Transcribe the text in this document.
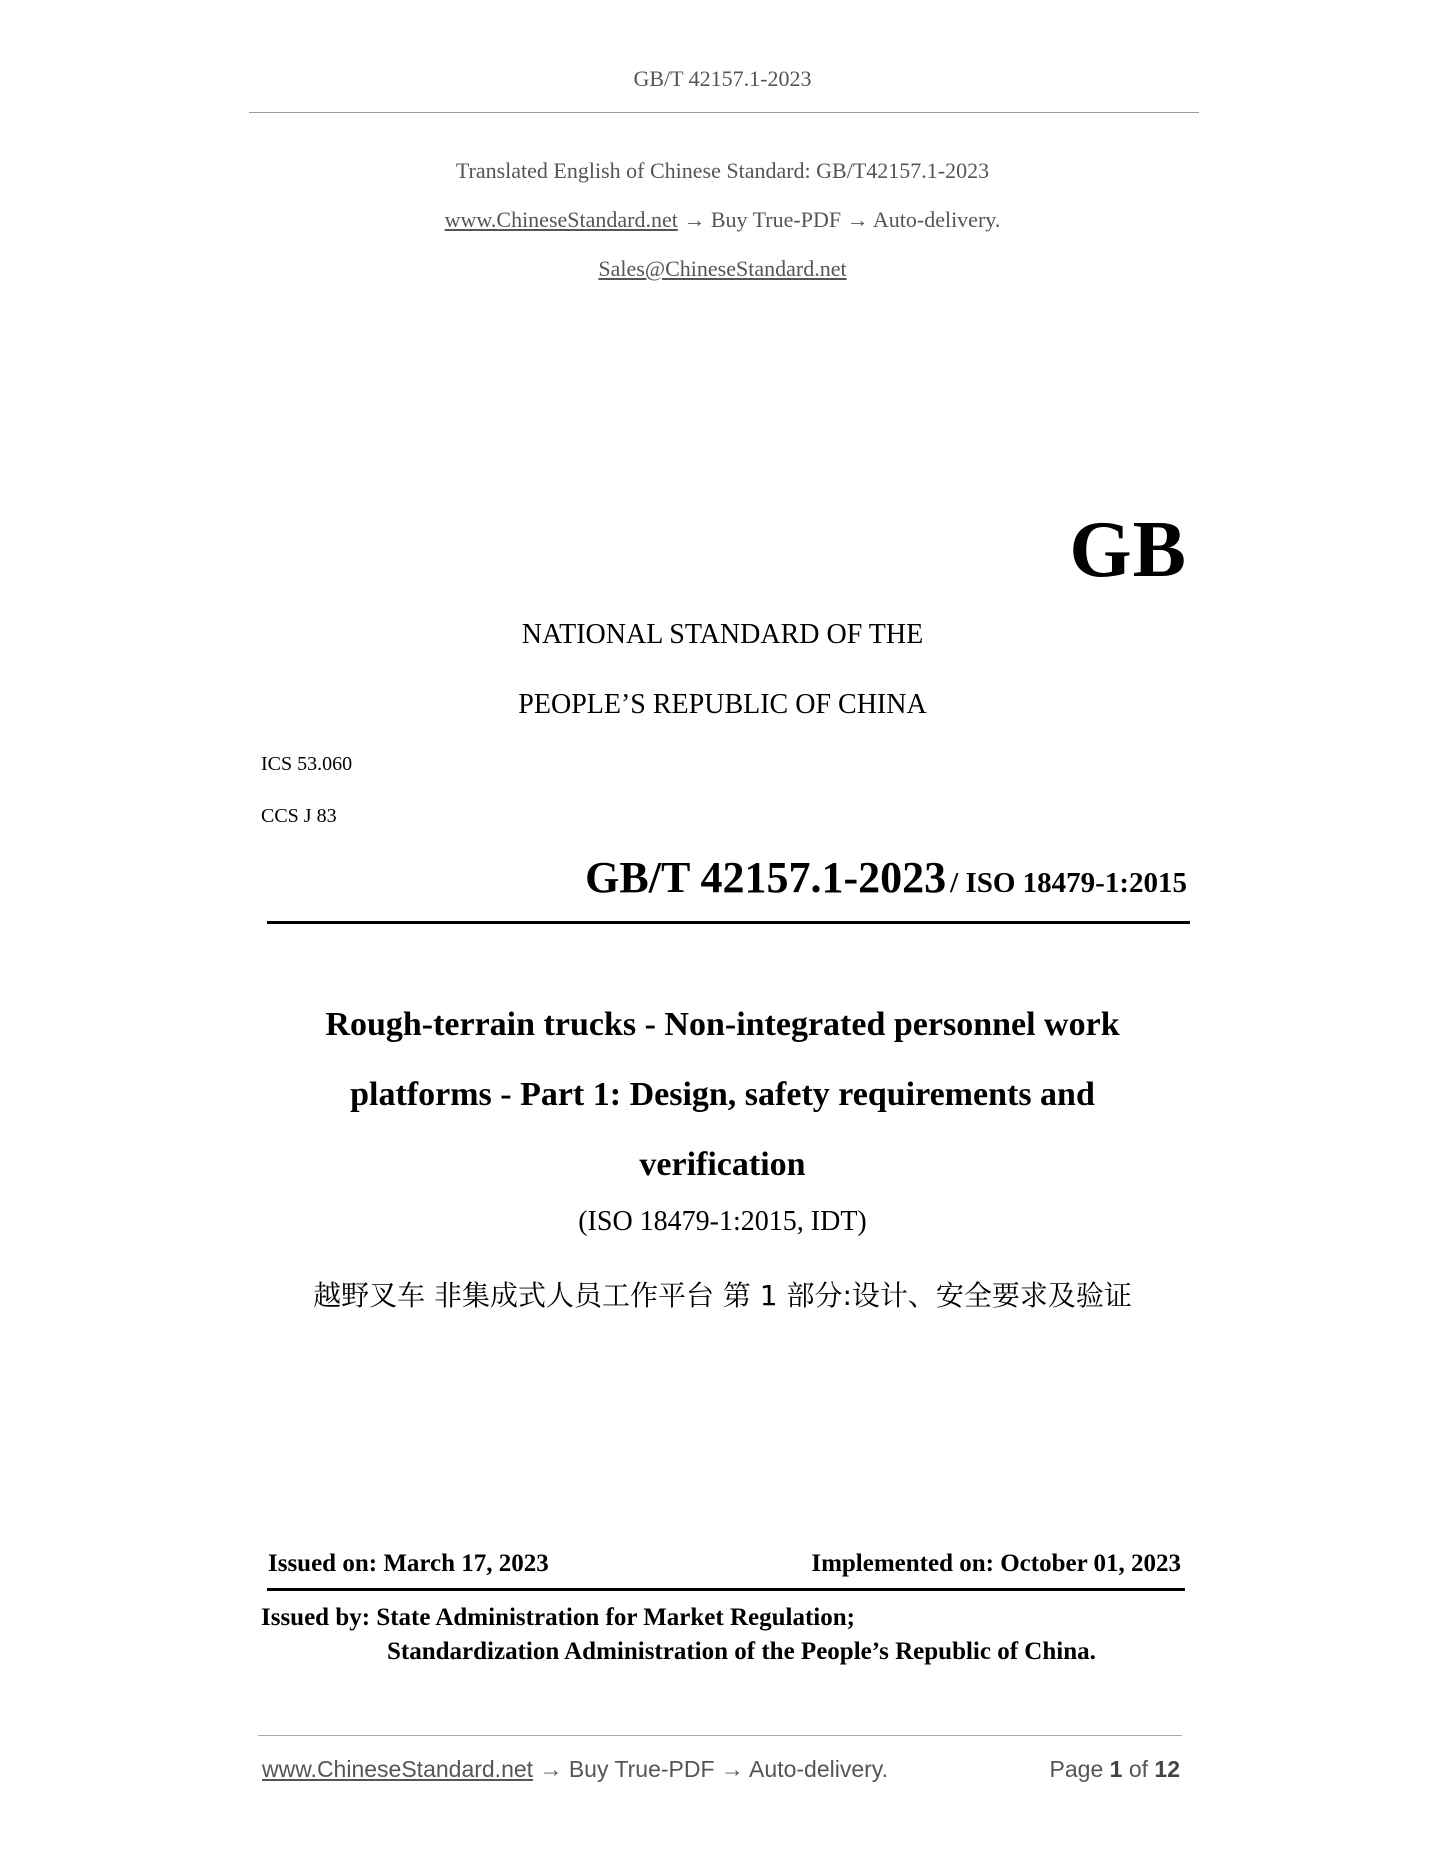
GB/T 42157.1-2023
Translated English of Chinese Standard: GB/T42157.1-2023
www.ChineseStandard.net → Buy True-PDF → Auto-delivery.
Sales@ChineseStandard.net
GB
NATIONAL STANDARD OF THE
PEOPLE’S REPUBLIC OF CHINA
ICS 53.060
CCS J 83
GB/T 42157.1-2023 / ISO 18479-1:2015
Rough-terrain trucks - Non-integrated personnel work
platforms - Part 1: Design, safety requirements and
verification
(ISO 18479-1:2015, IDT)
越野叉车 非集成式人员工作平台 第 1 部分:设计、安全要求及验证
Issued on: March 17, 2023	Implemented on: October 01, 2023
Issued by: State Administration for Market Regulation;
Standardization Administration of the People’s Republic of China.
www.ChineseStandard.net → Buy True-PDF → Auto-delivery.	Page 1 of 12
